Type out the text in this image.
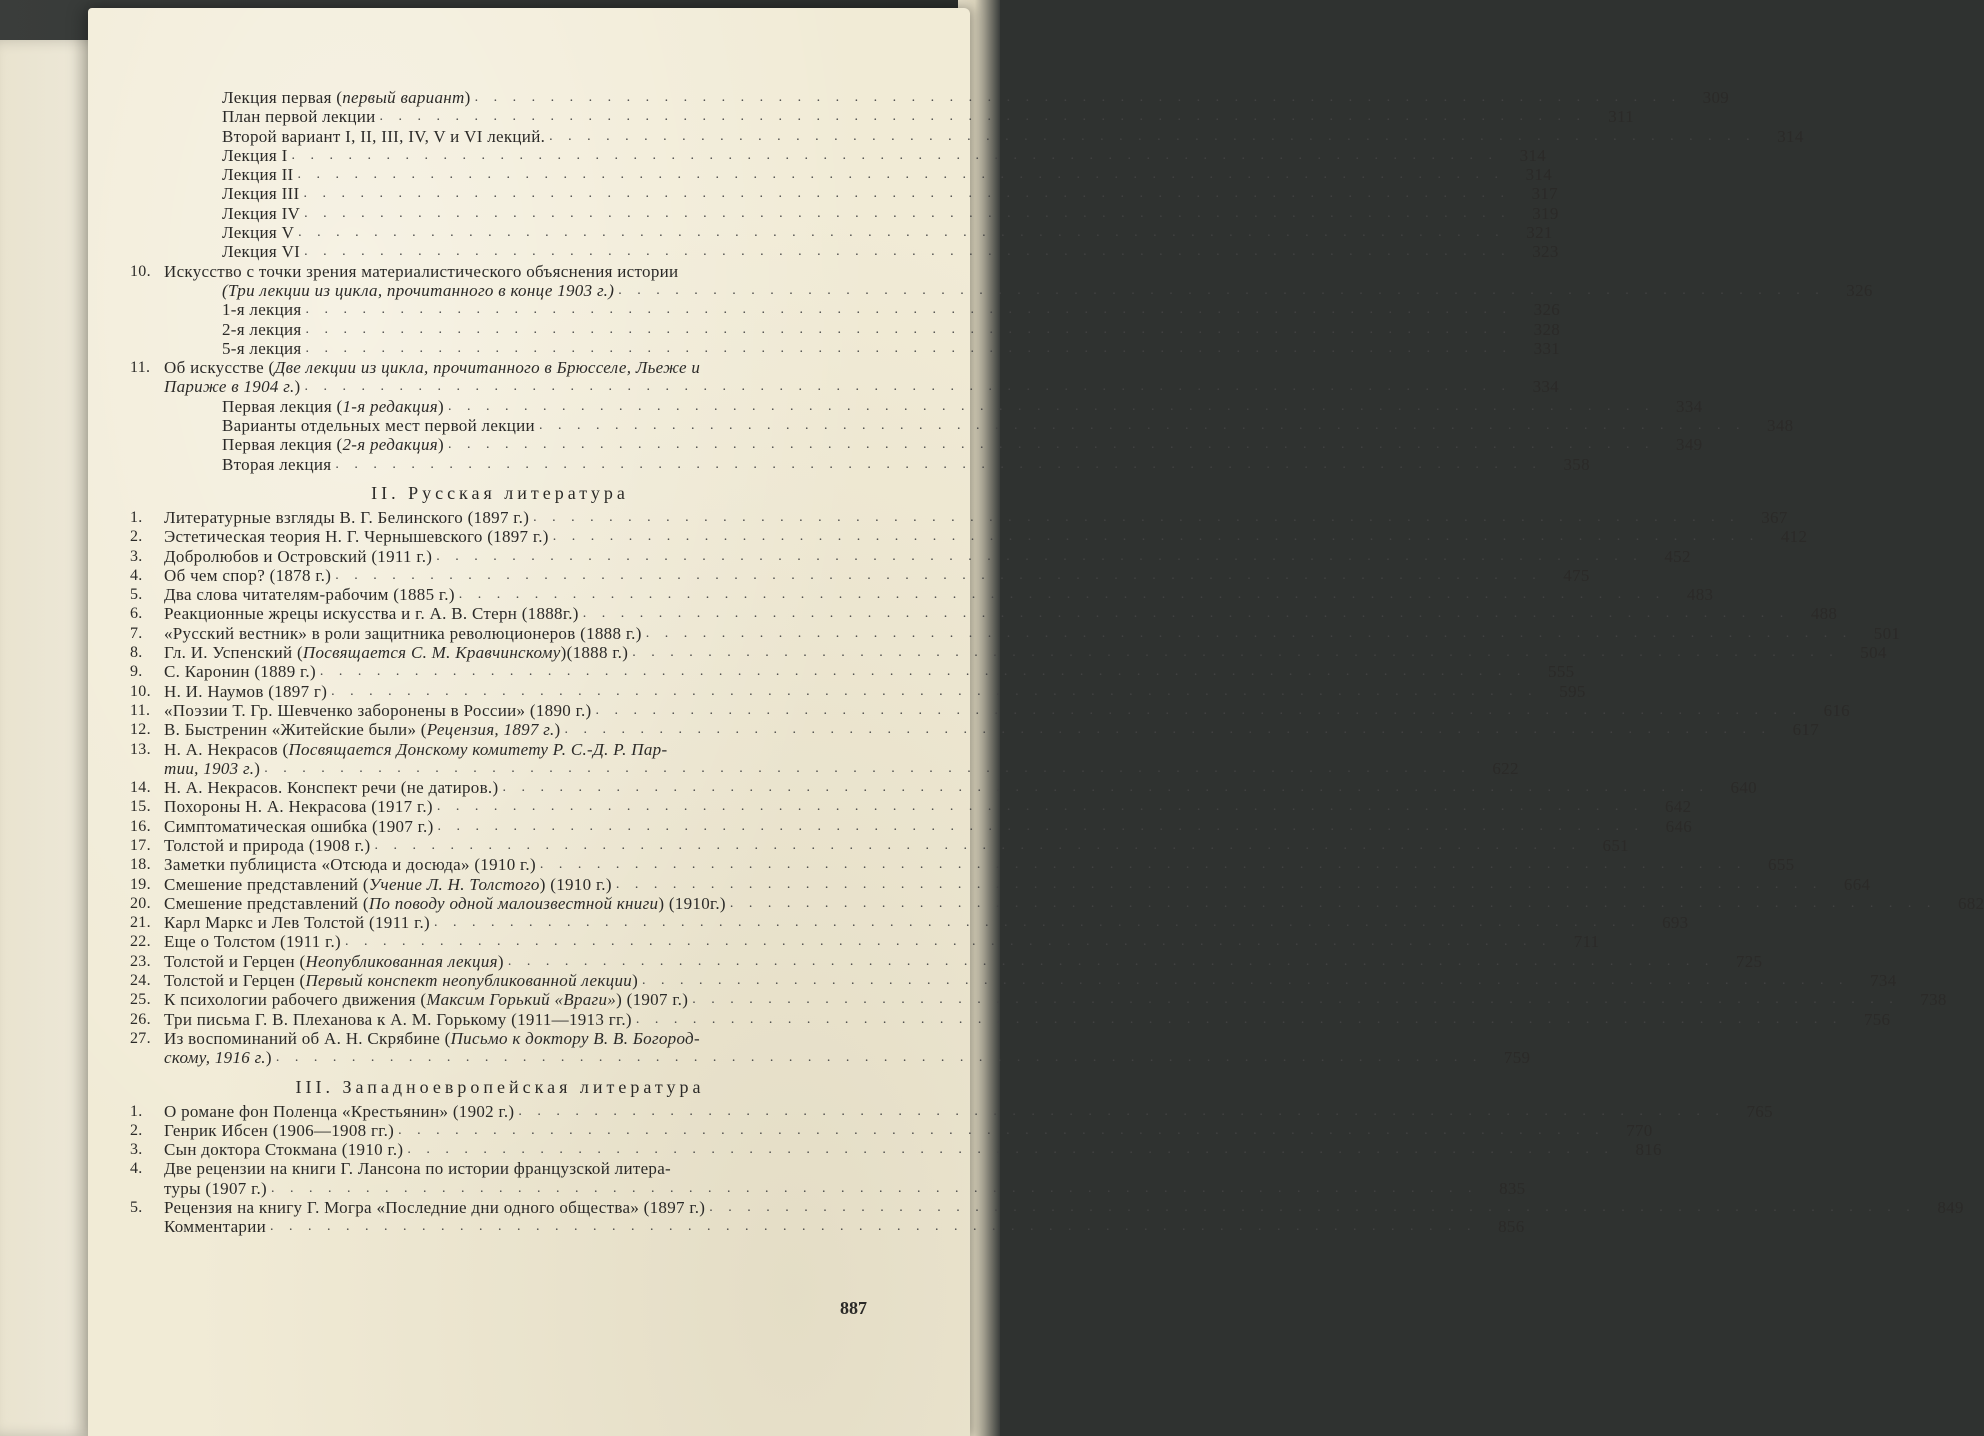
Лекция первая (первый вариант) . . .	309
План первой лекции . . .	311
Второй вариант I, II, III, IV, V и VI лекций. . . .	314
Лекция I . . .	314
Лекция II . . .	314
Лекция III . . .	317
Лекция IV . . .	319
Лекция V . . .	321
Лекция VI . . .	323
10. Искусство с точки зрения материалистического объяснения истории
(Три лекции из цикла, прочитанного в конце 1903 г.) . . .	326
1-я лекция . . .	326
2-я лекция . . .	328
5-я лекция . . .	331
11. Об искусстве (Две лекции из цикла, прочитанного в Брюсселе, Льеже и
Париже в 1904 г.) . . .	334
Первая лекция (1-я редакция) . . .	334
Варианты отдельных мест первой лекции . . .	348
Первая лекция (2-я редакция) . . .	349
Вторая лекция . . .	358
II. Русская литература
1.	Литературные взгляды В. Г. Белинского (1897 г.) . . .	367
2.	Эстетическая теория Н. Г. Чернышевского (1897 г.) . . .	412
3.	Добролюбов и Островский (1911 г.) . . .	452
4.	Об чем спор? (1878 г.) . . .	475
5.	Два слова читателям-рабочим (1885 г.) . . .	483
6.	Реакционные жрецы искусства и г. А. В. Стерн (1888г.) . . .	488
7.	«Русский вестник» в роли защитника революционеров (1888 г.) . . .	501
8.	Гл. И. Успенский (Посвящается С. М. Кравчинскому)(1888 г.) . . .	504
9.	С. Каронин (1889 г.) . . .	555
10. Н. И. Наумов (1897 г) . . .	595
11. «Поэзии Т. Гр. Шевченко заборонены в России» (1890 г.) . . .	616
12. В. Быстренин «Житейские были» (Рецензия, 1897 г.) . . .	617
13. Н. А. Некрасов (Посвящается Донскому комитету Р. С.-Д. Р. Пар-
тии, 1903 г.) . . .	622
14. Н. А. Некрасов. Конспект речи (не датиров.) . . .	640
15. Похороны Н. А. Некрасова (1917 г.) . . .	642
16. Симптоматическая ошибка (1907 г.) . . .	646
17. Толстой и природа (1908 г.) . . .	651
18. Заметки публициста «Отсюда и досюда» (1910 г.) . . .	655
19. Смешение представлений (Учение Л. Н. Толстого) (1910 г.) . . .	664
20. Смешение представлений (По поводу одной малоизвестной книги) (1910г.) . . .	682
21. Карл Маркс и Лев Толстой (1911 г.) . . .	693
22. Еще о Толстом (1911 г.) . . .	711
23. Толстой и Герцен (Неопубликованная лекция) . . .	725
24. Толстой и Герцен (Первый конспект неопубликованной лекции) . . .	734
25. К психологии рабочего движения (Максим Горький «Враги») (1907 г.) . . .	738
26. Три письма Г. В. Плеханова к А. М. Горькому (1911—1913 гг.) . . .	756
27. Из воспоминаний об А. Н. Скрябине (Письмо к доктору В. В. Богород-
скому, 1916 г.) . . .	759
III. Западноевропейская литература
1.	О романе фон Поленца «Крестьянин» (1902 г.) . . .	765
2.	Генрик Ибсен (1906—1908 гг.) . . .	770
3.	Сын доктора Стокмана (1910 г.) . . .	816
4.	Две рецензии на книги Г. Лансона по истории французской литера-
туры (1907 г.) . . .	835
5.	Рецензия на книгу Г. Могра «Последние дни одного общества» (1897 г.) . . .	849
Комментарии . . .	856
887
